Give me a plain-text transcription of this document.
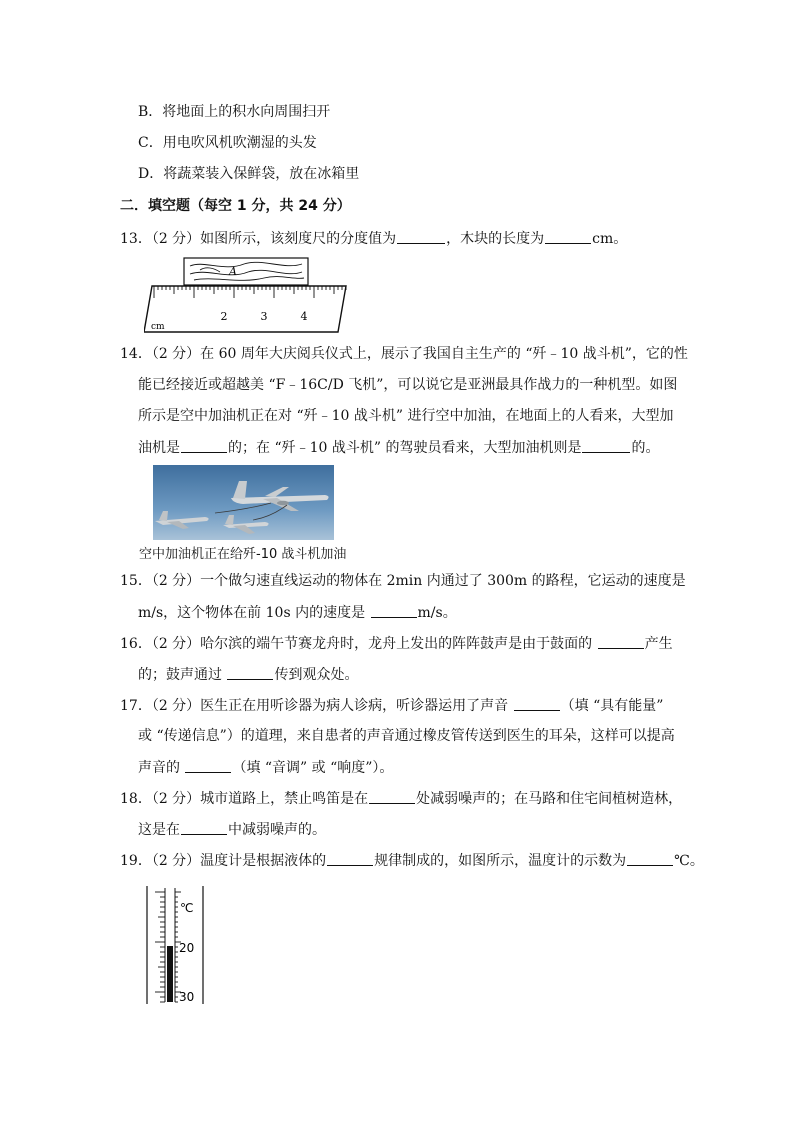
B．将地面上的积水向周围扫开
C．用电吹风机吹潮湿的头发
D．将蔬菜装入保鲜袋，放在冰箱里
二．填空题（每空 1 分，共 24 分）
13．（2 分）如图所示，该刻度尺的分度值为	，木块的长度为	cm。
A
2	3	4
cm
14．（2 分）在 60 周年大庆阅兵仪式上，展示了我国自主生产的 “歼﹣10 战斗机”，它的性
能已经接近或超越美 “F﹣16C/D 飞机”，可以说它是亚洲最具作战力的一种机型。如图
所示是空中加油机正在对 “歼﹣10 战斗机” 进行空中加油，在地面上的人看来，大型加
油机是	的；在 “歼﹣10 战斗机” 的驾驶员看来，大型加油机则是	的。
空中加油机正在给歼-10 战斗机加油
15．（2 分）一个做匀速直线运动的物体在 2min 内通过了 300m 的路程，它运动的速度是
m/s，这个物体在前 10s 内的速度是	m/s。
16．（2 分）哈尔滨的端午节赛龙舟时，龙舟上发出的阵阵鼓声是由于鼓面的	产生
的；鼓声通过	传到观众处。
17．（2 分）医生正在用听诊器为病人诊病，听诊器运用了声音	（填 “具有能量”
或 “传递信息”）的道理，来自患者的声音通过橡皮管传送到医生的耳朵，这样可以提高
声音的	（填 “音调” 或 “响度”）。
18．（2 分）城市道路上，禁止鸣笛是在	处减弱噪声的；在马路和住宅间植树造林，
这是在	中减弱噪声的。
19．（2 分）温度计是根据液体的	规律制成的，如图所示，温度计的示数为	℃。
℃
20
30
